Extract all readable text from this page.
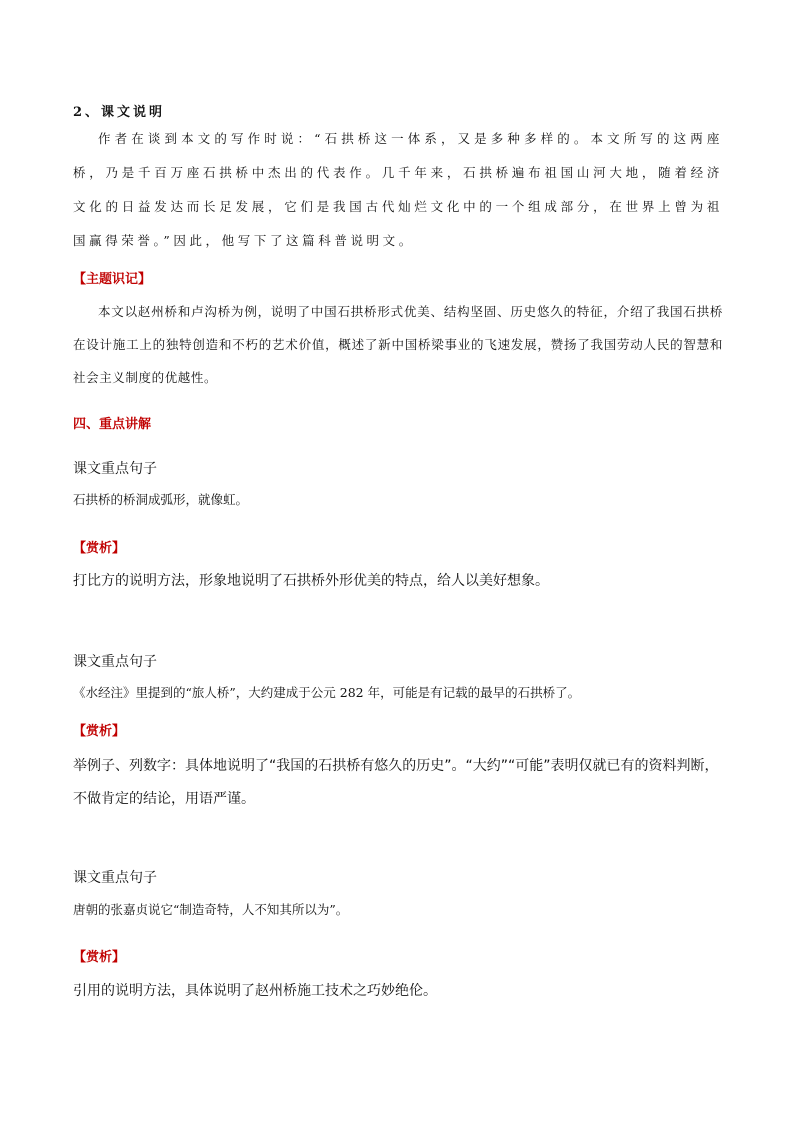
2、课文说明
作者在谈到本文的写作时说：“石拱桥这一体系，又是多种多样的。本文所写的这两座桥，乃是千百万座石拱桥中杰出的代表作。几千年来，石拱桥遍布祖国山河大地，随着经济文化的日益发达而长足发展，它们是我国古代灿烂文化中的一个组成部分，在世界上曾为祖国赢得荣誉。”因此，他写下了这篇科普说明文。
【主题识记】
本文以赵州桥和卢沟桥为例，说明了中国石拱桥形式优美、结构坚固、历史悠久的特征，介绍了我国石拱桥在设计施工上的独特创造和不朽的艺术价值，概述了新中国桥梁事业的飞速发展，赞扬了我国劳动人民的智慧和社会主义制度的优越性。
四、重点讲解
课文重点句子
石拱桥的桥洞成弧形，就像虹。
【赏析】
打比方的说明方法，形象地说明了石拱桥外形优美的特点，给人以美好想象。
课文重点句子
《水经注》里提到的“旅人桥”，大约建成于公元 282 年，可能是有记载的最早的石拱桥了。
【赏析】
举例子、列数字：具体地说明了“我国的石拱桥有悠久的历史”。“大约”“可能”表明仅就已有的资料判断，不做肯定的结论，用语严谨。
课文重点句子
唐朝的张嘉贞说它“制造奇特，人不知其所以为”。
【赏析】
引用的说明方法，具体说明了赵州桥施工技术之巧妙绝伦。
